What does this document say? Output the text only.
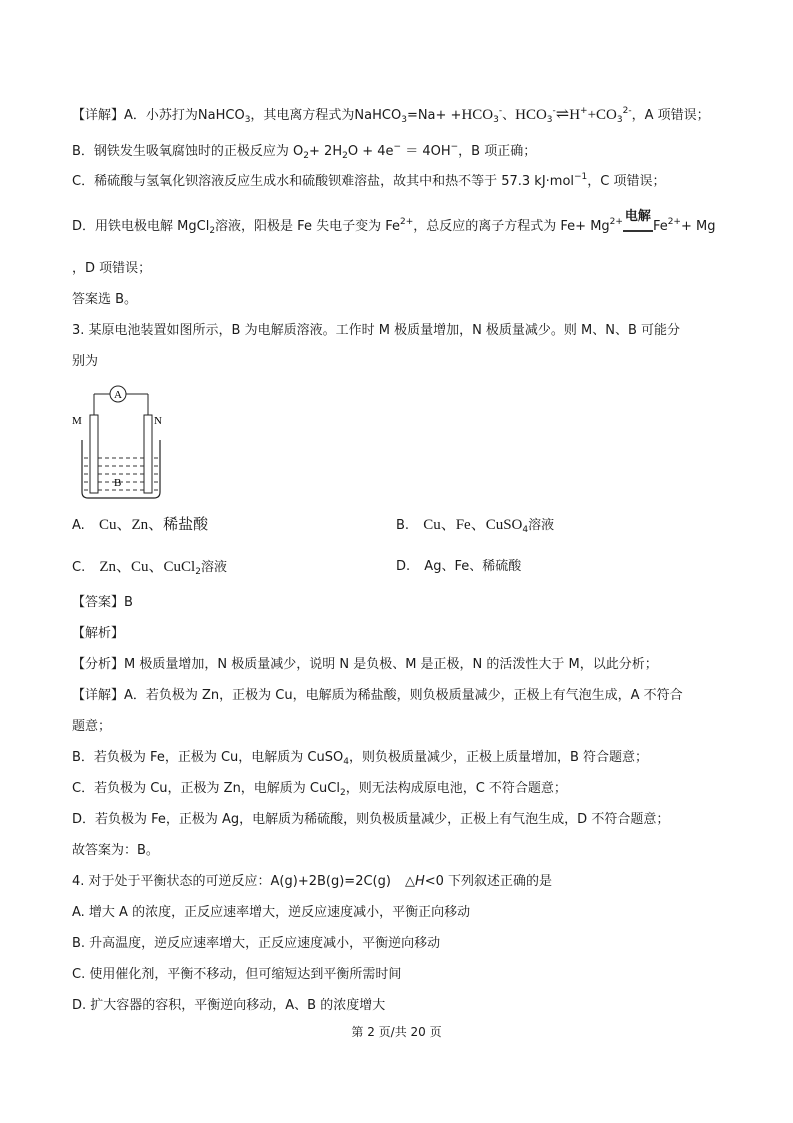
【详解】A．小苏打为NaHCO$_3$，其电离方程式为NaHCO$_3$=Na+ $+HCO_3^-$、$HCO_3^-\rightleftharpoons H^++CO_3^{2-}$，A 项错误；
B．钢铁发生吸氧腐蚀时的正极反应为 $O_2+ 2H_2O + 4e^- = 4OH^-$，B 项正确；
C．稀硫酸与氢氧化钡溶液反应生成水和硫酸钡难溶盐，故其中和热不等于 57.3 kJ·mol$^{-1}$，C 项错误；
D．用铁电极电解 MgCl$_2$溶液，阳极是 Fe 失电子变为 $Fe^{2+}$，总反应的离子方程式为 $Fe+ Mg^{2+}$ 电解
$Fe^{2+}+ Mg$
，D 项错误；
答案选 B。
3. 某原电池装置如图所示，B 为电解质溶液。工作时 M 极质量增加，N 极质量减少。则 M、N、B 可能分
别为
A
M	N
B
A. Cu、Zn、稀盐酸	B. Cu、Fe、CuSO$_4$溶液
C. Zn、Cu、CuCl$_2$溶液	D. Ag、Fe、稀硫酸
【答案】B
【解析】
【分析】M 极质量增加，N 极质量减少，说明 N 是负极、M 是正极，N 的活泼性大于 M，以此分析；
【详解】A．若负极为 Zn，正极为 Cu，电解质为稀盐酸，则负极质量减少，正极上有气泡生成，A 不符合
题意；
B．若负极为 Fe，正极为 Cu，电解质为 CuSO$_4$，则负极质量减少，正极上质量增加，B 符合题意；
C．若负极为 Cu，正极为 Zn，电解质为 CuCl$_2$，则无法构成原电池，C 不符合题意；
D．若负极为 Fe，正极为 Ag，电解质为稀硫酸，则负极质量减少，正极上有气泡生成，D 不符合题意；
故答案为：B。
4. 对于处于平衡状态的可逆反应：A(g)+2B(g)=2C(g) △H<0 下列叙述正确的是
A. 增大 A 的浓度，正反应速率增大，逆反应速度减小，平衡正向移动
B. 升高温度，逆反应速率增大，正反应速度减小，平衡逆向移动
C. 使用催化剂，平衡不移动，但可缩短达到平衡所需时间
D. 扩大容器的容积，平衡逆向移动，A、B 的浓度增大
第 2 页/共 20 页
